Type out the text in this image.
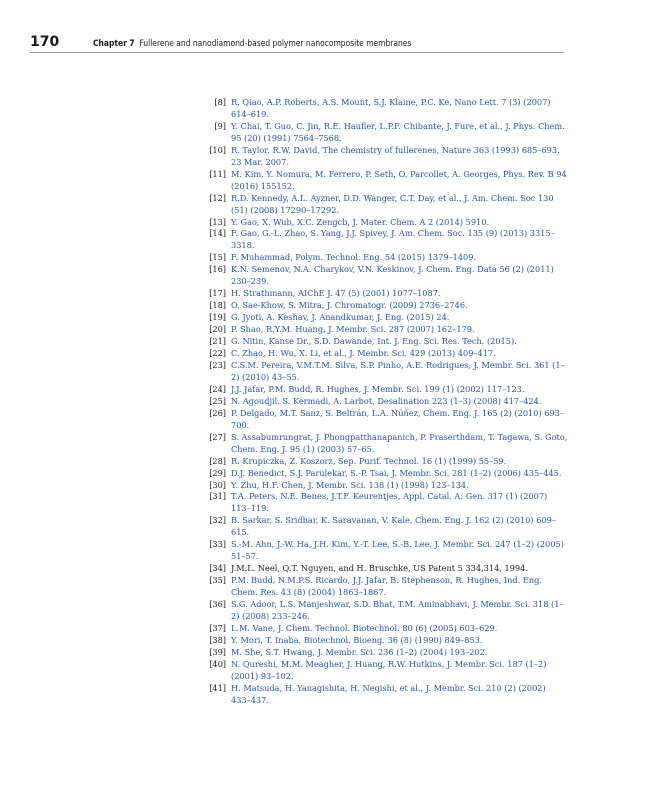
170	Chapter 7 Fullerene and nanodiamond-based polymer nanocomposite membranes
[8] R. Qiao, A.P. Roberts, A.S. Mount, S.J. Klaine, P.C. Ke, Nano Lett. 7 (3) (2007) 614–619.
[9] Y. Chai, T. Guo, C. Jin, R.E. Haufler, L.P.F. Chibante, J. Fure, et al., J. Phys. Chem. 95 (20) (1991) 7564–7568.
[10] R. Taylor, R.W. David, The chemistry of fullerenes, Nature 363 (1993) 685–693. 23 Mar. 2007.
[11] M. Kim, Y. Nomura, M. Ferrero, P. Seth, O. Parcollet, A. Georges, Phys. Rev. B 94 (2016) 155152.
[12] R.D. Kennedy, A.L. Ayzner, D.D. Wanger, C.T. Day, et al., J. Am. Chem. Soc 130 (51) (2008) 17290–17292.
[13] Y. Gao, X. Wub, X.C. Zengcb, J. Mater. Chem. A 2 (2014) 5910.
[14] F. Gao, G.-L. Zhao, S. Yang, J.J. Spivey, J. Am. Chem. Soc. 135 (9) (2013) 3315–3318.
[15] F. Muhammad, Polym. Technol. Eng. 54 (2015) 1379–1409.
[16] K.N. Semenov, N.A. Charykov, V.N. Keskinov, J. Chem. Eng. Data 56 (2) (2011) 230–239.
[17] H. Strathmann, AIChE J. 47 (5) (2001) 1077–1087.
[18] O. Sae-Khow, S. Mitra, J. Chromatogr. (2009) 2736–2746.
[19] G. Jyoti, A. Keshav, J. Anandkumar, J. Eng. (2015) 24.
[20] P. Shao, R.Y.M. Huang, J. Membr. Sci. 287 (2007) 162–179.
[21] G. Nitin, Kanse Dr., S.D. Dawande, Int. J. Eng. Sci. Res. Tech. (2015).
[22] C. Zhao, H. Wu, X. Li, et al., J. Membr. Sci. 429 (2013) 409–417.
[23] C.S.M. Pereira, V.M.T.M. Silva, S.P. Pinho, A.E. Rodrigues, J. Membr. Sci. 361 (1–2) (2010) 43–55.
[24] J.J. Jafar, P.M. Budd, R. Hughes, J. Membr. Sci. 199 (1) (2002) 117–123.
[25] N. Agoudjil, S. Kermadi, A. Larbot, Desalination 223 (1–3) (2008) 417–424.
[26] P. Delgado, M.T. Sanz, S. Beltrán, L.A. Núñez, Chem. Eng. J. 165 (2) (2010) 693–700.
[27] S. Assabumrungrat, J. Phongpatthanapanich, P. Praserthdam, T. Tagawa, S. Goto, Chem. Eng. J. 95 (1) (2003) 57–65.
[28] R. Krupiczka, Z. Koszorz, Sep. Purif. Technol. 16 (1) (1999) 55–59.
[29] D.J. Benedict, S.J. Parulekar, S.-P. Tsai, J. Membr. Sci. 281 (1–2) (2006) 435–445.
[30] Y. Zhu, H.F. Chen, J. Membr. Sci. 138 (1) (1998) 123–134.
[31] T.A. Peters, N.E. Benes, J.T.F. Keurentjes, Appl. Catal. A: Gen. 317 (1) (2007) 113–119.
[32] B. Sarkar, S. Sridhar, K. Saravanan, V. Kale, Chem. Eng. J. 162 (2) (2010) 609–615.
[33] S.-M. Ahn, J.-W. Ha, J.H. Kim, Y.-T. Lee, S.-B. Lee, J. Membr. Sci. 247 (1–2) (2005) 51–57.
[34] J.M.L. Neel, Q.T. Nguyen, and H. Bruschke, US Patent 5 334,314, 1994.
[35] P.M. Budd, N.M.P.S. Ricardo, J.J. Jafar, B. Stephenson, R. Hughes, Ind. Eng. Chem. Res. 43 (8) (2004) 1863–1867.
[36] S.G. Adoor, L.S. Manjeshwar, S.D. Bhat, T.M. Aminabhavi, J. Membr. Sci. 318 (1–2) (2008) 233–246.
[37] L.M. Vane, J. Chem. Technol. Biotechnol. 80 (6) (2005) 603–629.
[38] Y. Mori, T. Inaba, Biotechnol. Bioeng. 36 (8) (1990) 849–853.
[39] M. She, S.T. Hwang, J. Membr. Sci. 236 (1–2) (2004) 193–202.
[40] N. Qureshi, M.M. Meagher, J. Huang, R.W. Hutkins, J. Membr. Sci. 187 (1–2) (2001) 93–102.
[41] H. Matsuda, H. Yanagishita, H. Negishi, et al., J. Membr. Sci. 210 (2) (2002) 433–437.
